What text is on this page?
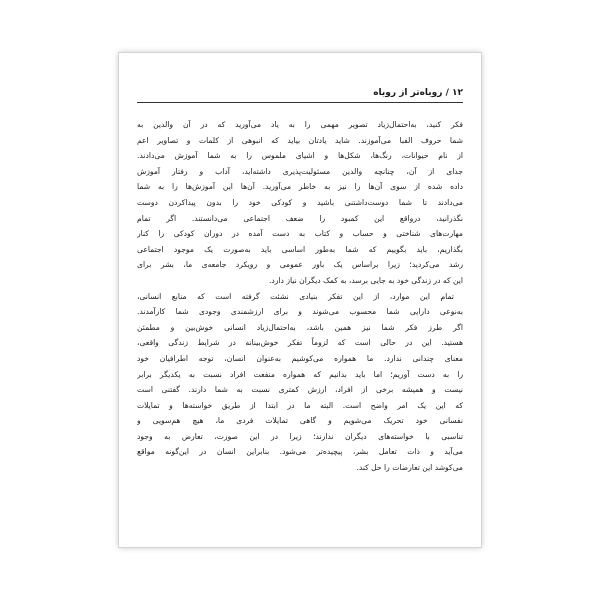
۱۲ / روباه‌تر از روباه
فکر کنید، به‌احتمال‌زیاد تصویر مهمی را به یاد می‌آورید که در آن والدین به
شما حروف الفبا می‌آموزند. شاید یادتان بیاید که انبوهی از کلمات و تصاویر اعم
از نام حیوانات، رنگ‌ها، شکل‌ها و اشیای ملموس را به شما آموزش می‌دادند.
جدای از آن، چنانچه والدین مسئولیت‌پذیری داشته‌اید، آداب و رفتار آموزش
داده شده از سوی آن‌ها را نیز به خاطر می‌آورید. آن‌ها این آموزش‌ها را به شما
می‌دادند تا شما دوست‌داشتنی باشید و کودکی خود را بدون پیدا‌کردن دوست
نگذرانید، درواقع این کمبود را ضعف اجتماعی می‌دانستند. اگر تمام
مهارت‌های شناختی و حساب و کتاب به دست آمده در دوران کودکی را کنار
بگذاریم، باید بگوییم که شما به‌طور اساسی باید به‌صورت یک موجود اجتماعی
رشد می‌کردید؛ زیرا براساس یک باور عمومی و رویکرد جامعه‌ی ما، بشر برای
این که در زندگی خود به جایی برسد، به کمک دیگران نیاز دارد.
تمام این موارد، از این تفکر بنیادی نشئت گرفته است که منابع انسانی،
به‌نوعی دارایی شما محسوب می‌شوند و برای ارزشمندی وجودی شما کارآمدند.
اگر طرز فکر شما نیز همین باشد، به‌احتمال‌زیاد انسانی خوش‌بین و مطمئن
هستید. این در حالی است که لزوماً تفکر خوش‌بینانه در شرایط زندگی واقعی،
معنای چندانی ندارد. ما همواره می‌کوشیم به‌عنوان انسان، توجه اطرافیان خود
را به دست آوریم؛ اما باید بدانیم که همواره منفعت افراد نسبت به یکدیگر برابر
نیست و همیشه برخی از افراد، ارزش کمتری نسبت به شما دارند. گفتنی است
که این یک امر واضح است. البته ما در ابتدا از طریق خواسته‌ها و تمایلات
نفسانی خود تحریک می‌شویم و گاهی تمایلات فردی ما، هیچ هم‌سویی و
تناسبی با خواسته‌های دیگران ندارند؛ زیرا در این صورت، تعارض به وجود
می‌آید و ذات تعامل بشر، پیچیده‌تر می‌شود. بنابراین انسان در این‌گونه مواقع
می‌کوشد این تعارضات را حل کند.
